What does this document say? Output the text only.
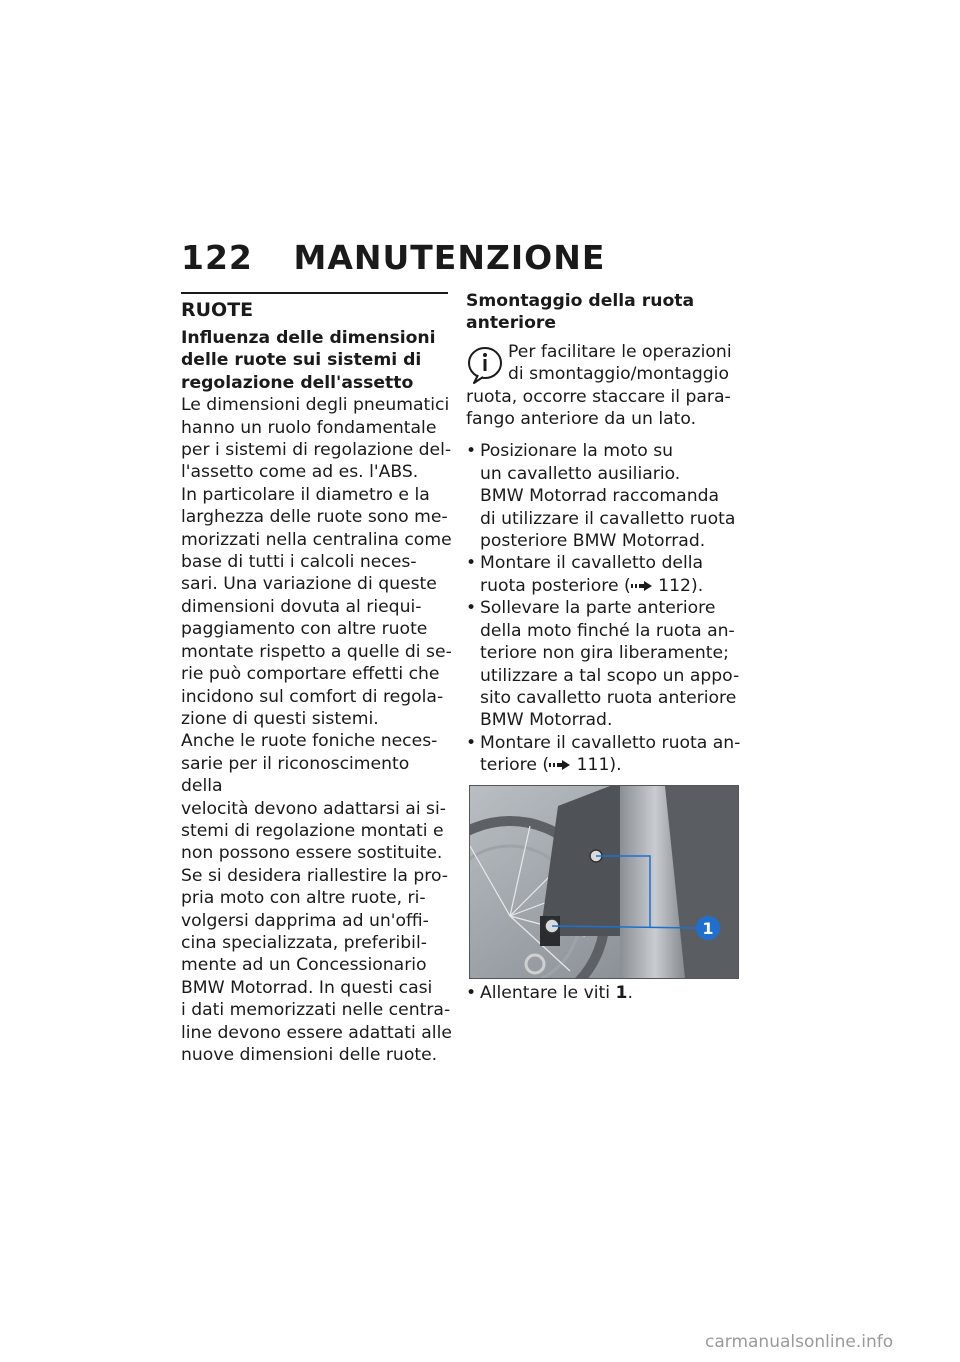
122 MANUTENZIONE
RUOTE
Influenza delle dimensioni
delle ruote sui sistemi di
regolazione dell'assetto
Le dimensioni degli pneumatici
hanno un ruolo fondamentale
per i sistemi di regolazione del-
l'assetto come ad es. l'ABS.
In particolare il diametro e la
larghezza delle ruote sono me-
morizzati nella centralina come
base di tutti i calcoli neces-
sari. Una variazione di queste
dimensioni dovuta al riequi-
paggiamento con altre ruote
montate rispetto a quelle di se-
rie può comportare effetti che
incidono sul comfort di regola-
zione di questi sistemi.
Anche le ruote foniche neces-
sarie per il riconoscimento della
velocità devono adattarsi ai si-
stemi di regolazione montati e
non possono essere sostituite.
Se si desidera riallestire la pro-
pria moto con altre ruote, ri-
volgersi dapprima ad un'offi-
cina specializzata, preferibil-
mente ad un Concessionario
BMW Motorrad. In questi casi
i dati memorizzati nelle centra-
line devono essere adattati alle
nuove dimensioni delle ruote.
Smontaggio della ruota
anteriore
Per facilitare le operazioni
di smontaggio/montaggio
ruota, occorre staccare il para-
fango anteriore da un lato.
• Posizionare la moto su
un cavalletto ausiliario.
BMW Motorrad raccomanda
di utilizzare il cavalletto ruota
posteriore BMW Motorrad.
• Montare il cavalletto della
ruota posteriore ( 112).
• Sollevare la parte anteriore
della moto finché la ruota an-
teriore non gira liberamente;
utilizzare a tal scopo un appo-
sito cavalletto ruota anteriore
BMW Motorrad.
• Montare il cavalletto ruota an-
teriore ( 111).
1
• Allentare le viti 1.
carmanualsonline.info
